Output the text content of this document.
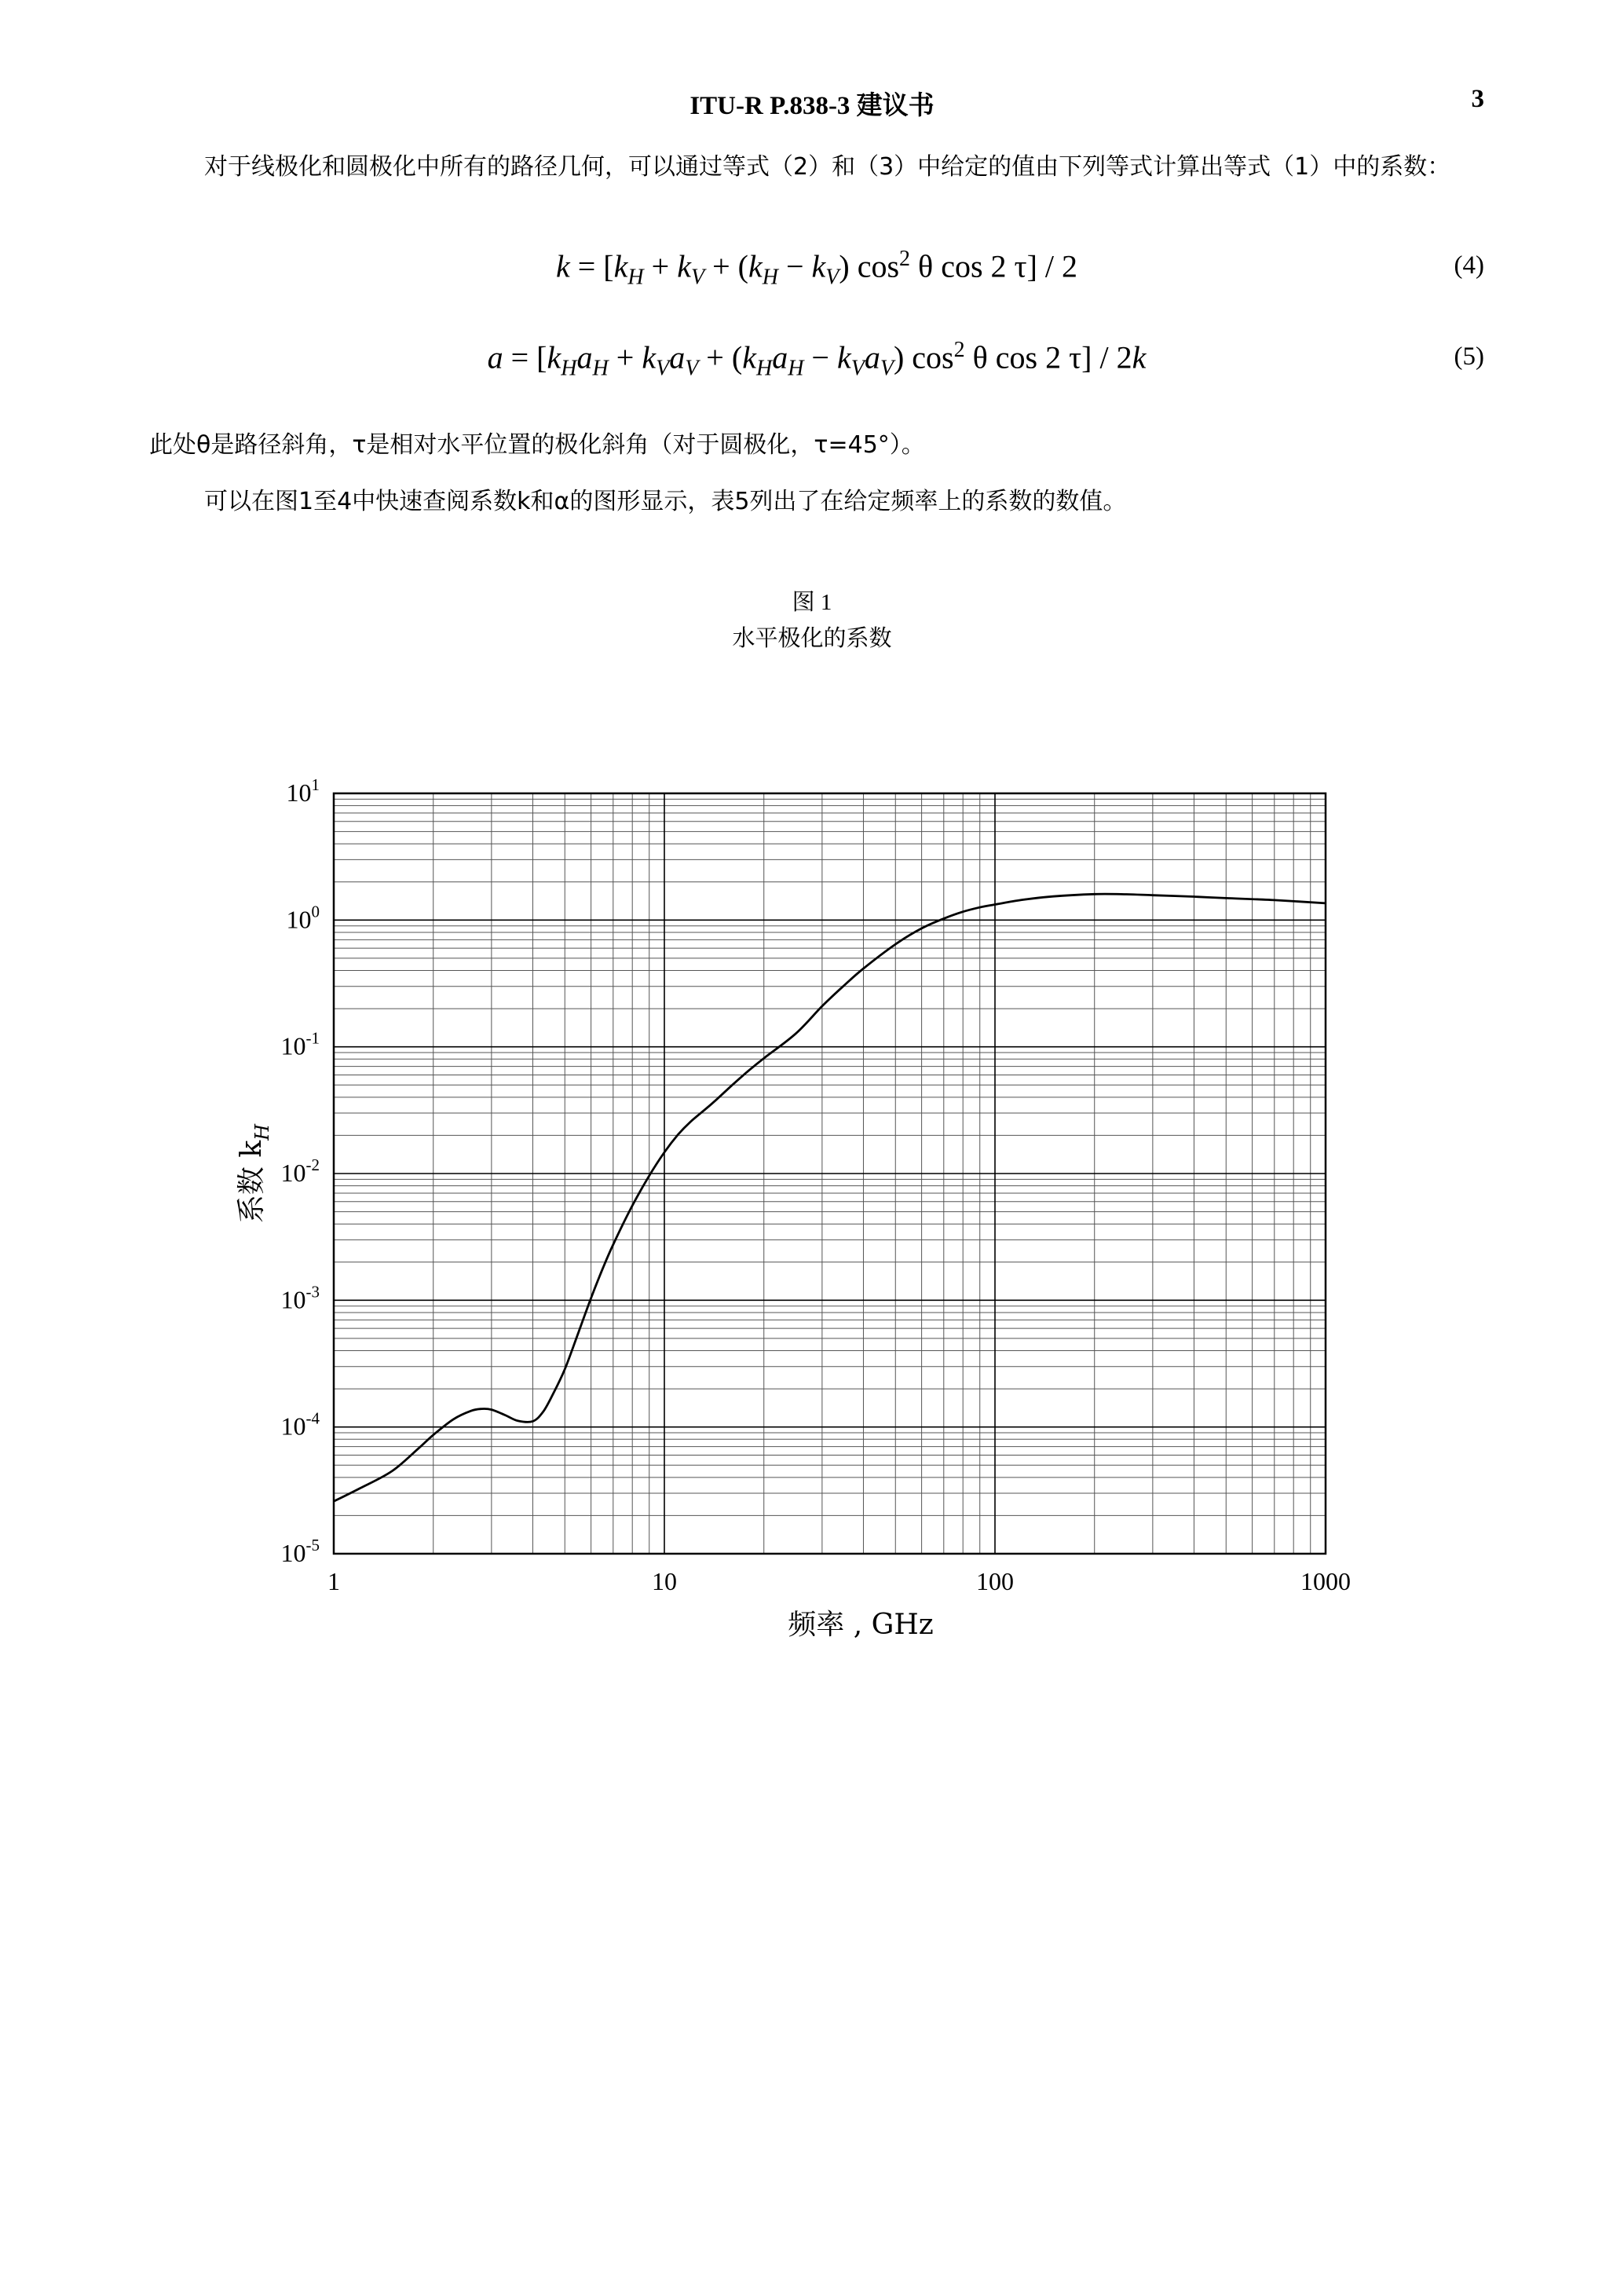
ITU-R P.838-3 建议书	3
对于线极化和圆极化中所有的路径几何，可以通过等式（2）和（3）中给定的值由下列等式计算出等式（1）中的系数：
$k = [k_H + k_V + (k_H - k_V)$ $\cos^2 \theta$ cos 2 τ] / 2	(4)
$a = [k_Ha_H + k_Va_V + (k_Ha_H - k_Va_V)$ $\cos^2 \theta$ cos 2 τ] / 2k	(5)
此处θ是路径斜角，τ是相对水平位置的极化斜角（对于圆极化，τ=45°）。
可以在图1至4中快速查阅系数k和α的图形显示，表5列出了在给定频率上的系数的数值。
图 1
水平极化的系数
1	10	100	1000
$10^1$
$10^0$
$10^{-1}$
$10^{-2}$
$10^{-3}$
$10^{-4}$
$10^{-5}$
频率 , GHz
系数 $k_H$
